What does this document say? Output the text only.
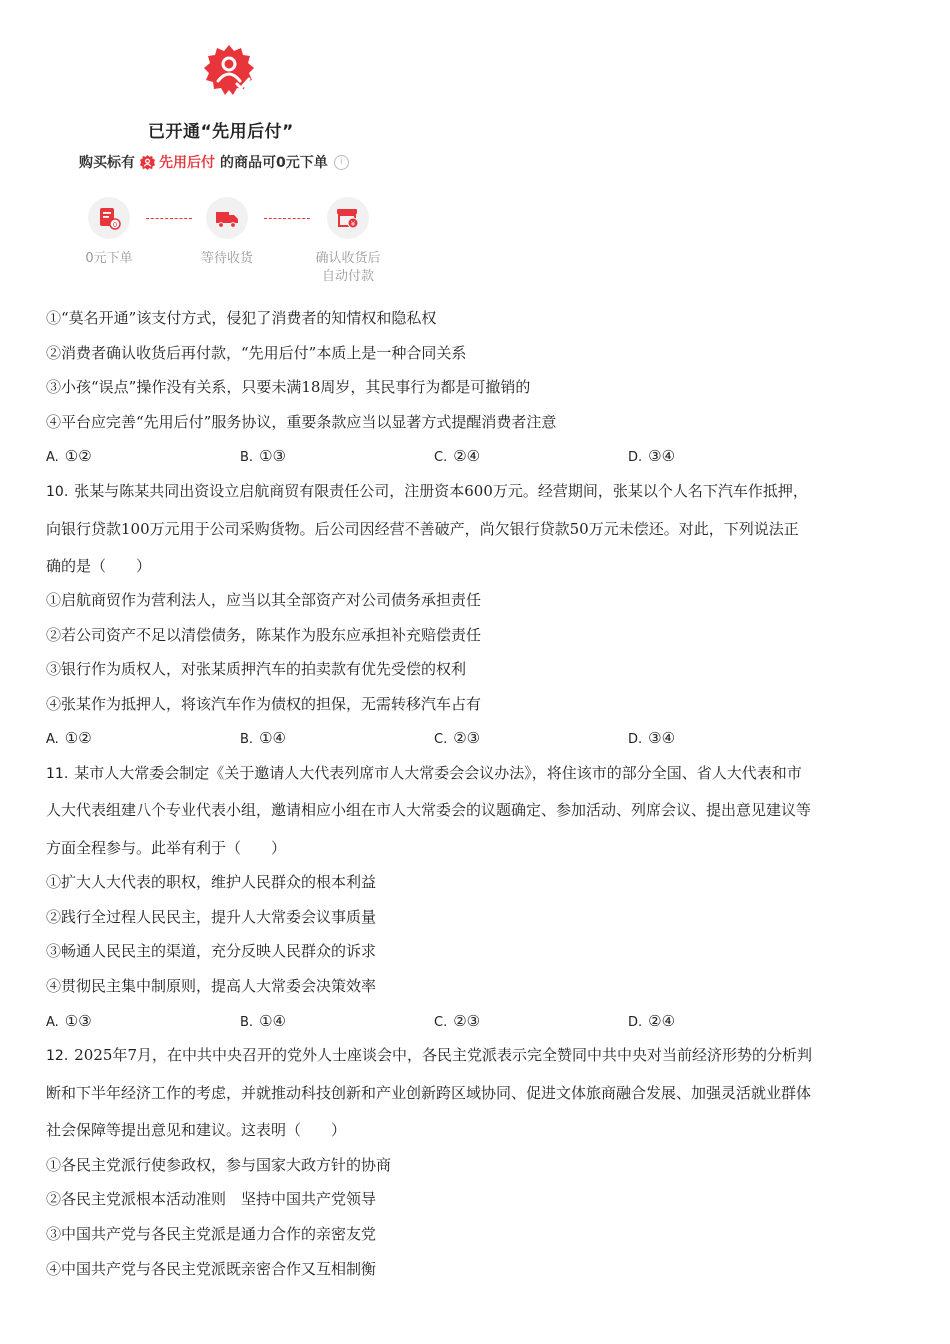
已开通“先用后付”
购买标有 先用后付 的商品可0元下单	i
0	¥
0元下单	等待收货	确认收货后
自动付款
①“莫名开通”该支付方式，侵犯了消费者的知情权和隐私权
②消费者确认收货后再付款，“先用后付”本质上是一种合同关系
③小孩“误点”操作没有关系，只要未满18周岁，其民事行为都是可撤销的
④平台应完善“先用后付”服务协议，重要条款应当以显著方式提醒消费者注意
A. ①②	B. ①③	C. ②④	D. ③④
10. 张某与陈某共同出资设立启航商贸有限责任公司，注册资本600万元。经营期间，张某以个人名下汽车作抵押，
向银行贷款100万元用于公司采购货物。后公司因经营不善破产，尚欠银行贷款50万元未偿还。对此，下列说法正
确的是（　　）
①启航商贸作为营利法人，应当以其全部资产对公司债务承担责任
②若公司资产不足以清偿债务，陈某作为股东应承担补充赔偿责任
③银行作为质权人，对张某质押汽车的拍卖款有优先受偿的权利
④张某作为抵押人，将该汽车作为债权的担保，无需转移汽车占有
A. ①②	B. ①④	C. ②③	D. ③④
11. 某市人大常委会制定《关于邀请人大代表列席市人大常委会会议办法》，将住该市的部分全国、省人大代表和市
人大代表组建八个专业代表小组，邀请相应小组在市人大常委会的议题确定、参加活动、列席会议、提出意见建议等
方面全程参与。此举有利于（　　）
①扩大人大代表的职权，维护人民群众的根本利益
②践行全过程人民民主，提升人大常委会议事质量
③畅通人民民主的渠道，充分反映人民群众的诉求
④贯彻民主集中制原则，提高人大常委会决策效率
A. ①③	B. ①④	C. ②③	D. ②④
12. 2025年7月，在中共中央召开的党外人士座谈会中，各民主党派表示完全赞同中共中央对当前经济形势的分析判
断和下半年经济工作的考虑，并就推动科技创新和产业创新跨区域协同、促进文体旅商融合发展、加强灵活就业群体
社会保障等提出意见和建议。这表明（　　）
①各民主党派行使参政权，参与国家大政方针的协商
②各民主党派根本活动准则　坚持中国共产党领导
③中国共产党与各民主党派是通力合作的亲密友党
④中国共产党与各民主党派既亲密合作又互相制衡
